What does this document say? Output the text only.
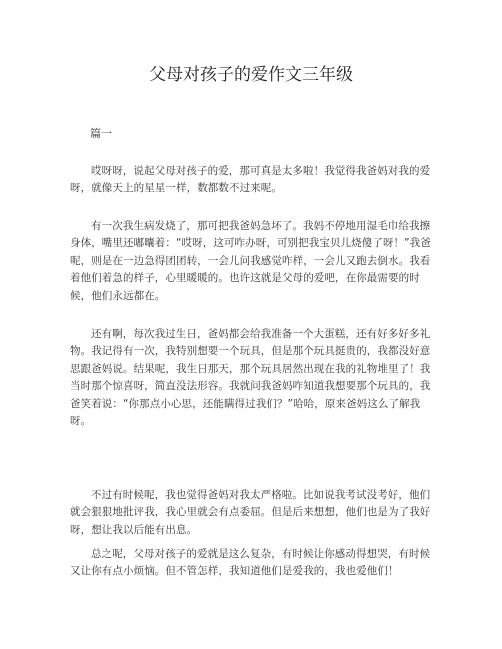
父母对孩子的爱作文三年级
篇一

哎呀呀，说起父母对孩子的爱，那可真是太多啦！我觉得我爸妈对我的爱呀，就像天上的星星一样，数都数不过来呢。

有一次我生病发烧了，那可把我爸妈急坏了。我妈不停地用湿毛巾给我擦身体，嘴里还嘟囔着：“哎呀，这可咋办呀，可别把我宝贝儿烧傻了呀！”我爸呢，则是在一边急得团团转，一会儿问我感觉咋样，一会儿又跑去倒水。我看着他们着急的样子，心里暖暖的。也许这就是父母的爱吧，在你最需要的时候，他们永远都在。

还有啊，每次我过生日，爸妈都会给我准备一个大蛋糕，还有好多好多礼物。我记得有一次，我特别想要一个玩具，但是那个玩具挺贵的，我都没好意思跟爸妈说。结果呢，我生日那天，那个玩具居然出现在我的礼物堆里了！我当时那个惊喜呀，简直没法形容。我就问我爸妈咋知道我想要那个玩具的，我爸笑着说：“你那点小心思，还能瞒得过我们？”哈哈，原来爸妈这么了解我呀。

不过有时候呢，我也觉得爸妈对我太严格啦。比如说我考试没考好，他们就会狠狠地批评我，我心里就会有点委屈。但是后来想想，他们也是为了我好呀，想让我以后能有出息。

总之呢，父母对孩子的爱就是这么复杂，有时候让你感动得想哭，有时候又让你有点小烦恼。但不管怎样，我知道他们是爱我的，我也爱他们！
